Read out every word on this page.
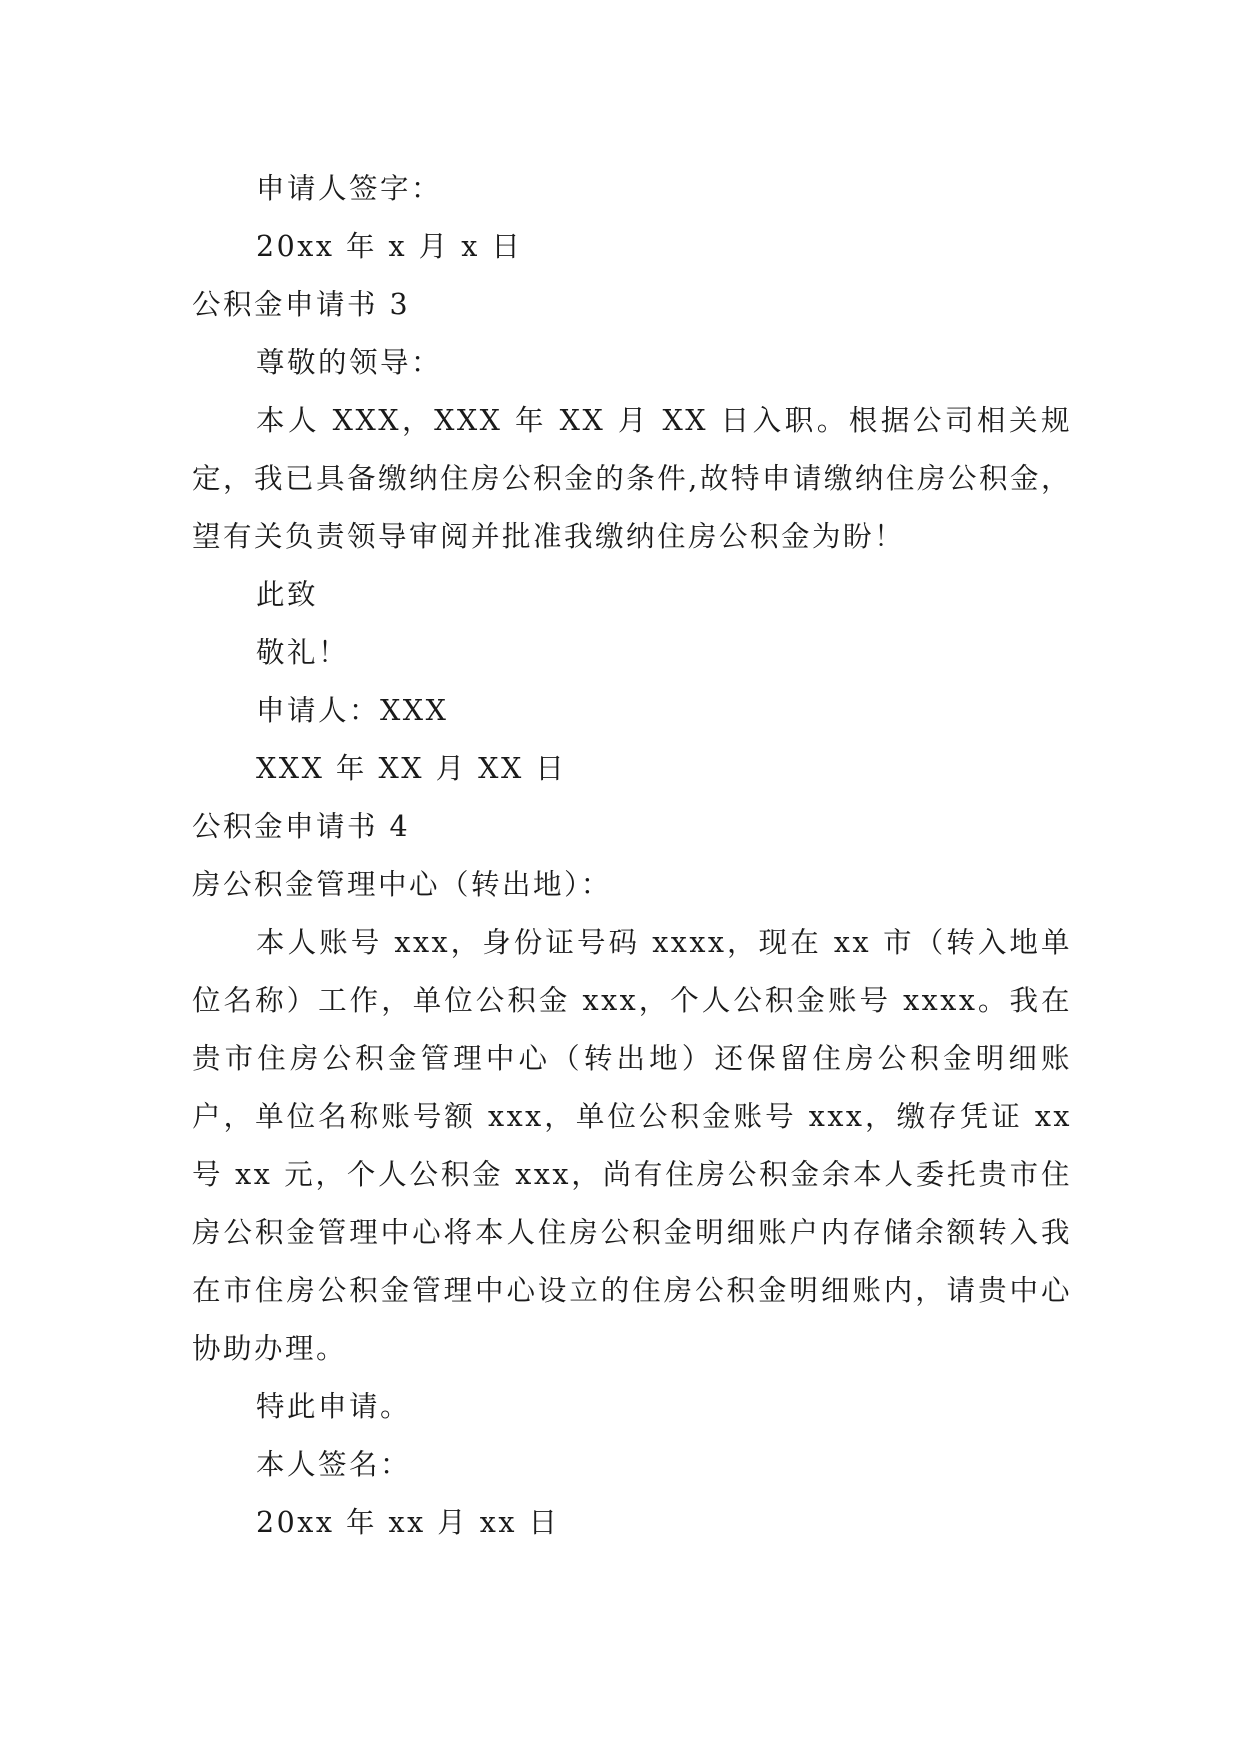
申请人签字：

20xx 年 x 月 x 日

公积金申请书 3

尊敬的领导：

本人 XXX，XXX 年 XX 月 XX 日入职。根据公司相关规定，我已具备缴纳住房公积金的条件,故特申请缴纳住房公积金，望有关负责领导审阅并批准我缴纳住房公积金为盼！

此致

敬礼！

申请人：XXX

XXX 年 XX 月 XX 日

公积金申请书 4

房公积金管理中心（转出地）：

本人账号 xxx，身份证号码 xxxx，现在 xx 市（转入地单位名称）工作，单位公积金 xxx，个人公积金账号 xxxx。我在贵市住房公积金管理中心（转出地）还保留住房公积金明细账户，单位名称账号额 xxx，单位公积金账号 xxx，缴存凭证 xx 号 xx 元，个人公积金 xxx，尚有住房公积金余本人委托贵市住房公积金管理中心将本人住房公积金明细账户内存储余额转入我在市住房公积金管理中心设立的住房公积金明细账内，请贵中心协助办理。

特此申请。

本人签名：

20xx 年 xx 月 xx 日
